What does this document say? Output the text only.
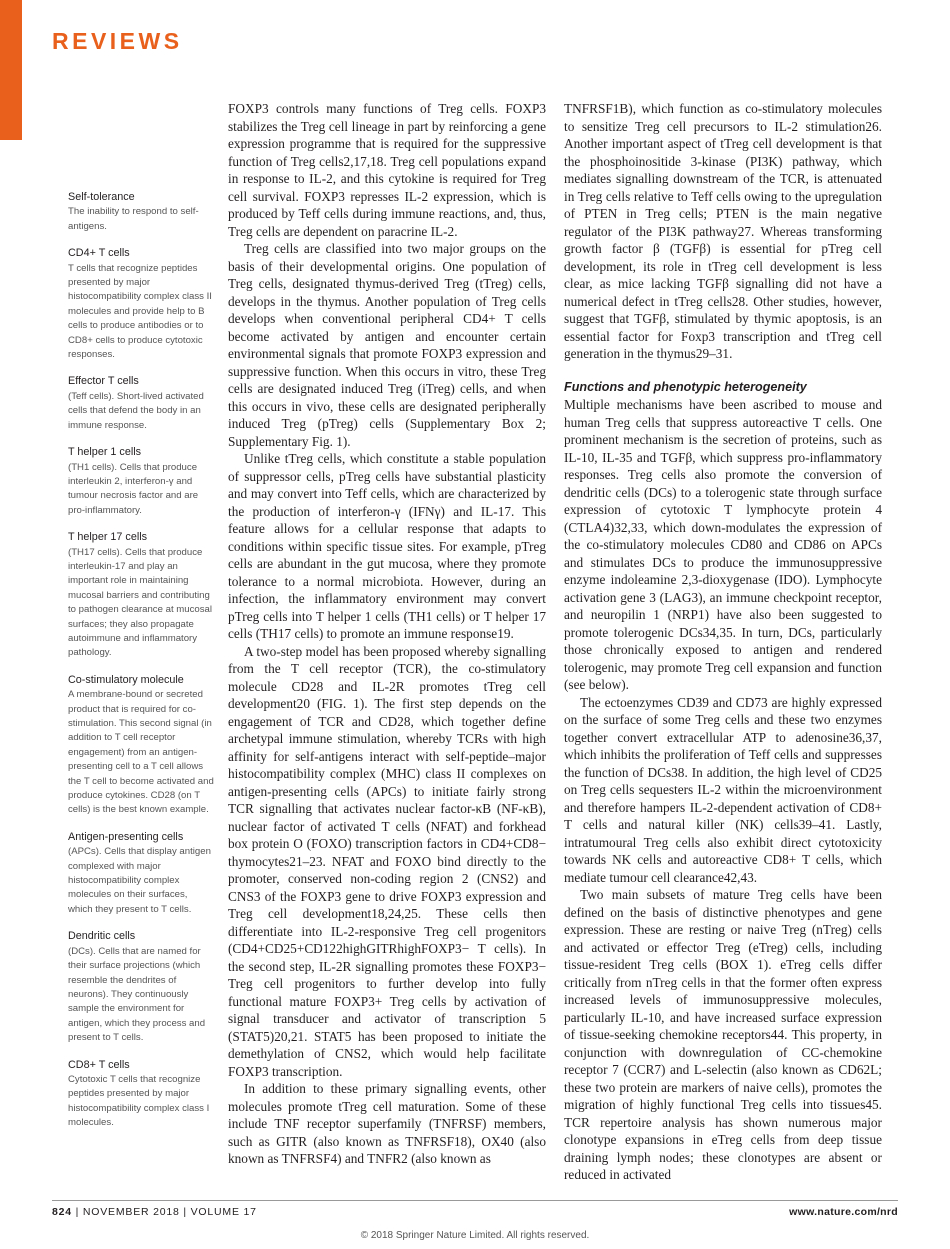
REVIEWS
Self-tolerance
The inability to respond to self-antigens.
CD4+ T cells
T cells that recognize peptides presented by major histocompatibility complex class II molecules and provide help to B cells to produce antibodies or to CD8+ cells to produce cytotoxic responses.
Effector T cells
(Teff cells). Short-lived activated cells that defend the body in an immune response.
T helper 1 cells
(TH1 cells). Cells that produce interleukin 2, interferon-γ and tumour necrosis factor and are pro-inflammatory.
T helper 17 cells
(TH17 cells). Cells that produce interleukin-17 and play an important role in maintaining mucosal barriers and contributing to pathogen clearance at mucosal surfaces; they also propagate autoimmune and inflammatory pathology.
Co-stimulatory molecule
A membrane-bound or secreted product that is required for co-stimulation. This second signal (in addition to T cell receptor engagement) from an antigen-presenting cell to a T cell allows the T cell to become activated and produce cytokines. CD28 (on T cells) is the best known example.
Antigen-presenting cells
(APCs). Cells that display antigen complexed with major histocompatibility complex molecules on their surfaces, which they present to T cells.
Dendritic cells
(DCs). Cells that are named for their surface projections (which resemble the dendrites of neurons). They continuously sample the environment for antigen, which they process and present to T cells.
CD8+ T cells
Cytotoxic T cells that recognize peptides presented by major histocompatibility complex class I molecules.

FOXP3 controls many functions of Treg cells. FOXP3 stabilizes the Treg cell lineage in part by reinforcing a gene expression programme that is required for the suppressive function of Treg cells2,17,18. Treg cell populations expand in response to IL-2, and this cytokine is required for Treg cell survival. FOXP3 represses IL-2 expression, which is produced by Teff cells during immune reactions, and, thus, Treg cells are dependent on paracrine IL-2.

Treg cells are classified into two major groups on the basis of their developmental origins. One population of Treg cells, designated thymus-derived Treg (tTreg) cells, develops in the thymus. Another population of Treg cells develops when conventional peripheral CD4+ T cells become activated by antigen and encounter certain environmental signals that promote FOXP3 expression and suppressive function. When this occurs in vitro, these Treg cells are designated induced Treg (iTreg) cells, and when this occurs in vivo, these cells are designated peripherally induced Treg (pTreg) cells (Supplementary Box 2; Supplementary Fig. 1).

Unlike tTreg cells, which constitute a stable population of suppressor cells, pTreg cells have substantial plasticity and may convert into Teff cells, which are characterized by the production of interferon-γ (IFNγ) and IL-17. This feature allows for a cellular response that adapts to conditions within specific tissue sites. For example, pTreg cells are abundant in the gut mucosa, where they promote tolerance to a normal microbiota. However, during an infection, the inflammatory environment may convert pTreg cells into T helper 1 cells (TH1 cells) or T helper 17 cells (TH17 cells) to promote an immune response19.

A two-step model has been proposed whereby signalling from the T cell receptor (TCR), the co-stimulatory molecule CD28 and IL-2R promotes tTreg cell development20 (FIG. 1). The first step depends on the engagement of TCR and CD28, which together define archetypal immune stimulation, whereby TCRs with high affinity for self-antigens interact with self-peptide–major histocompatibility complex (MHC) class II complexes on antigen-presenting cells (APCs) to initiate fairly strong TCR signalling that activates nuclear factor-κB (NF-κB), nuclear factor of activated T cells (NFAT) and forkhead box protein O (FOXO) transcription factors in CD4+CD8− thymocytes21–23. NFAT and FOXO bind directly to the promoter, conserved non-coding region 2 (CNS2) and CNS3 of the FOXP3 gene to drive FOXP3 expression and Treg cell development18,24,25. These cells then differentiate into IL-2-responsive Treg cell progenitors (CD4+CD25+CD122highGITRhighFOXP3− T cells). In the second step, IL-2R signalling promotes these FOXP3− Treg cell progenitors to further develop into fully functional mature FOXP3+ Treg cells by activation of signal transducer and activator of transcription 5 (STAT5)20,21. STAT5 has been proposed to initiate the demethylation of CNS2, which would help facilitate FOXP3 transcription.

In addition to these primary signalling events, other molecules promote tTreg cell maturation. Some of these include TNF receptor superfamily (TNFRSF) members, such as GITR (also known as TNFRSF18), OX40 (also known as TNFRSF4) and TNFR2 (also known as

TNFRSF1B), which function as co-stimulatory molecules to sensitize Treg cell precursors to IL-2 stimulation26. Another important aspect of tTreg cell development is that the phosphoinositide 3-kinase (PI3K) pathway, which mediates signalling downstream of the TCR, is attenuated in Treg cells relative to Teff cells owing to the upregulation of PTEN in Treg cells; PTEN is the main negative regulator of the PI3K pathway27. Whereas transforming growth factor β (TGFβ) is essential for pTreg cell development, its role in tTreg cell development is less clear, as mice lacking TGFβ signalling did not have a numerical defect in tTreg cells28. Other studies, however, suggest that TGFβ, stimulated by thymic apoptosis, is an essential factor for Foxp3 transcription and tTreg cell generation in the thymus29–31.

Functions and phenotypic heterogeneity

Multiple mechanisms have been ascribed to mouse and human Treg cells that suppress autoreactive T cells. One prominent mechanism is the secretion of proteins, such as IL-10, IL-35 and TGFβ, which suppress pro-inflammatory responses. Treg cells also promote the conversion of dendritic cells (DCs) to a tolerogenic state through surface expression of cytotoxic T lymphocyte protein 4 (CTLA4)32,33, which down-modulates the expression of the co-stimulatory molecules CD80 and CD86 on APCs and stimulates DCs to produce the immunosuppressive enzyme indoleamine 2,3-dioxygenase (IDO). Lymphocyte activation gene 3 (LAG3), an immune checkpoint receptor, and neuropilin 1 (NRP1) have also been suggested to promote tolerogenic DCs34,35. In turn, DCs, particularly those chronically exposed to antigen and rendered tolerogenic, may promote Treg cell expansion and function (see below).

The ectoenzymes CD39 and CD73 are highly expressed on the surface of some Treg cells and these two enzymes together convert extracellular ATP to adenosine36,37, which inhibits the proliferation of Teff cells and suppresses the function of DCs38. In addition, the high level of CD25 on Treg cells sequesters IL-2 within the microenvironment and therefore hampers IL-2-dependent activation of CD8+ T cells and natural killer (NK) cells39–41. Lastly, intratumoural Treg cells also exhibit direct cytotoxicity towards NK cells and autoreactive CD8+ T cells, which mediate tumour cell clearance42,43.

Two main subsets of mature Treg cells have been defined on the basis of distinctive phenotypes and gene expression. These are resting or naive Treg (nTreg) cells and activated or effector Treg (eTreg) cells, including tissue-resident Treg cells (BOX 1). eTreg cells differ critically from nTreg cells in that the former often express increased levels of immunosuppressive molecules, particularly IL-10, and have increased surface expression of tissue-seeking chemokine receptors44. This property, in conjunction with downregulation of CC-chemokine receptor 7 (CCR7) and L-selectin (also known as CD62L; these two protein are markers of naive cells), promotes the migration of highly functional Treg cells into tissues45. TCR repertoire analysis has shown numerous major clonotype expansions in eTreg cells from deep tissue draining lymph nodes; these clonotypes are absent or reduced in activated

824 | NOVEMBER 2018 | VOLUME 17	www.nature.com/nrd
© 2018 Springer Nature Limited. All rights reserved.
